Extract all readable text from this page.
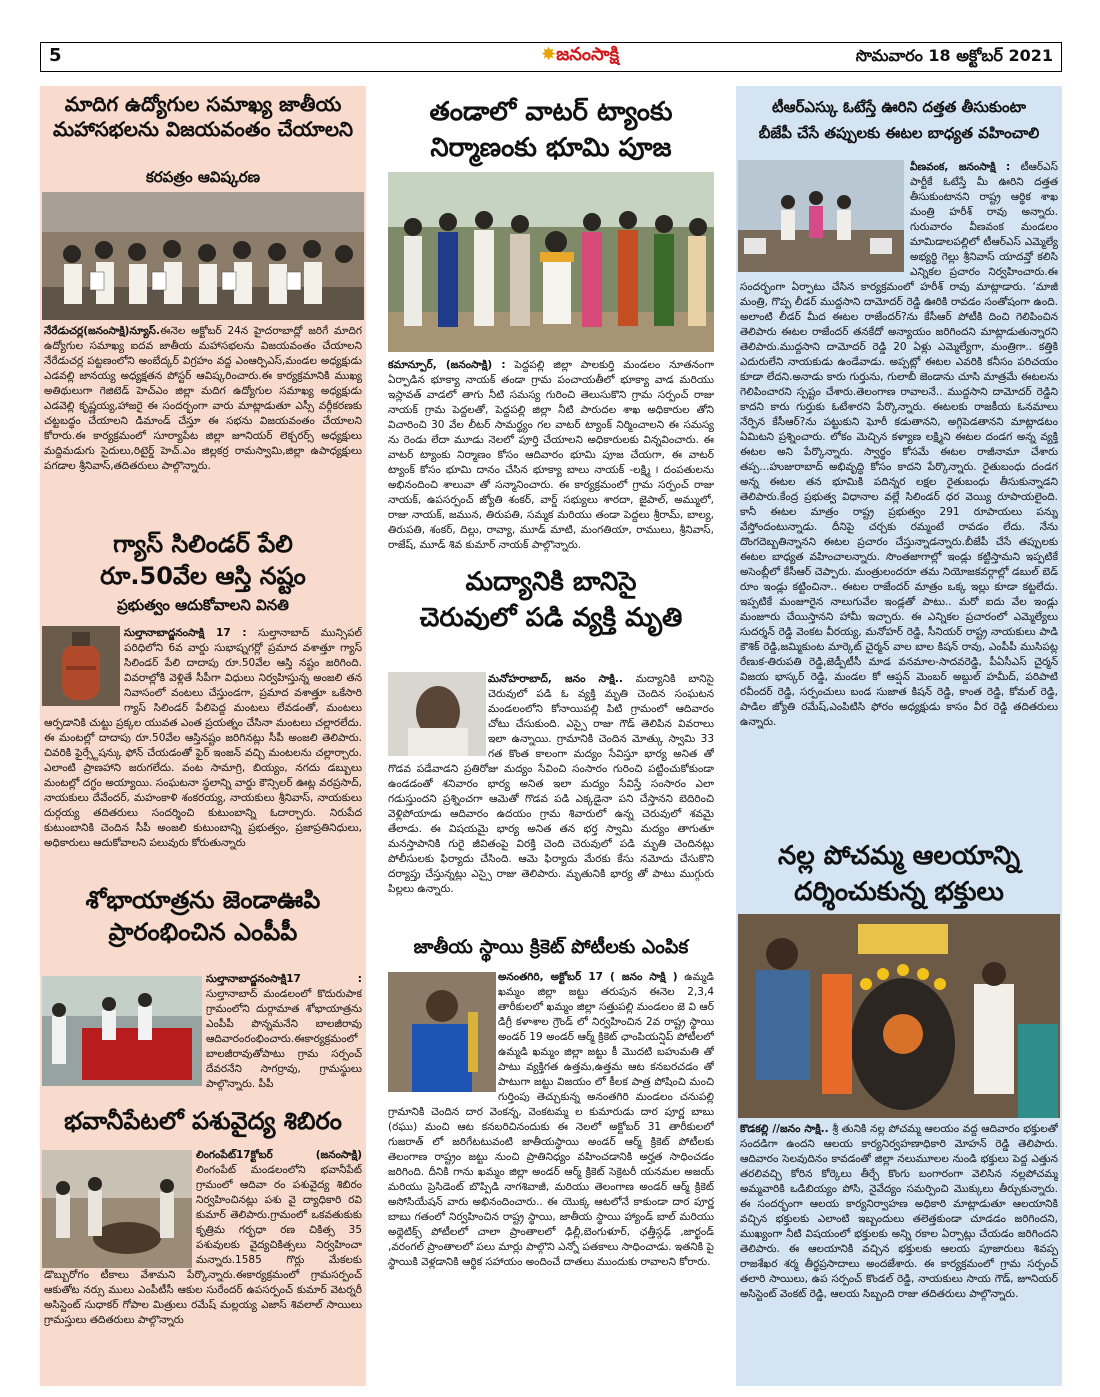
5	✸జనంసాక్షి	సొమవారం 18 అక్టోబర్ 2021
మాదిగ ఉద్యోగుల సమాఖ్య జాతీయ
మహాసభలను విజయవంతం చేయాలని
కరపత్రం ఆవిష్కరణ
నేరేడుచర్ల(జనంసాక్షి)న్యూస్.ఈనెల అక్టోబర్ 24న హైదరాబాద్లో జరిగే మాదిగ ఉద్యోగుల సమాఖ్య ఐదవ జాతీయ మహాసభలను విజయవంతం చేయాలని నేరేడుచర్ల పట్టణంలోని అంబేద్కర్ విగ్రహం వద్ద ఎంఆర్పిఎస్,మండల అధ్యక్షుడు ఎడవల్లి జానయ్య అధ్యక్షతన పోస్టర్ ఆవిష్కరించారు.ఈ కార్యక్రమానికి ముఖ్య అతిథులుగా గెజిటెడ్ హెచ్ఎం జిల్లా మదిగ ఉద్యోగుల సమాఖ్య అధ్యక్షుడు ఎడవెల్లి కృష్ణయ్య,హాజరై ఈ సందర్భంగా వారు మాట్లాడుతూ ఎస్సీ వర్గీకరణకు చట్టబద్ధం చేయాలని డిమాండ్ చేస్తూ ఈ సభను విజయవంతం చేయాలని కోరారు.ఈ కార్యక్రమంలో సూర్యాపేట జిల్లా జూనియర్ లెక్చరర్స్ అధ్యక్షులు మద్దిమడుగు సైదులు,రిటైర్డ్ హెచ్.ఎం జిల్లకర్ర రామస్వామి,జిల్లా ఉపాధ్యక్షులు పగడాల శ్రీనివాస్,తదితరులు పాల్గొన్నారు.
గ్యాస్ సిలిండర్ పేలి
రూ.50వేల ఆస్తి నష్టం
ప్రభుత్వం ఆదుకోవాలని వినతి
సుల్తానాబాద్జనంసాక్షి 17 : సుల్తానాబాద్ మున్సిపల్ పరిధిలోని 6వ వార్డు సుభాష్నగర్లో ప్రమాద వశాత్తూ గ్యాస్ సిలిండర్ పేలి దాదాపు రూ.50వేల ఆస్తి నష్టం జరిగింది. వివరాల్లోకి వెళ్లితే సీపీగా విధులు నిర్వహిస్తున్న అంజలి తన నివాసంలో వంటలు చేస్తుండగా, ప్రమాద వశాత్తూ ఒకేసారి గ్యాస్ సిలిండర్ పేలిపెద్ద మంటలు లేవడంతో, మంటలు ఆర్పడానికి చుట్టు ప్రక్కల యువత ఎంత ప్రయత్నం చేసినా మంటలు చల్లారలేదు. ఈ మంటల్లో దాదాపు రూ.50వేల ఆస్తినష్టం జరిగినట్లు సీపీ అంజలి తెలిపారు. చివరికి ఫైర్స్టేషన్కు ఫోన్ చేయడంతో ఫైర్ ఇంజన్ వచ్చి మంటలను చల్లార్చారు. ఎలాంటి ప్రాణహాని జరుగలేదు. వంట సామాగ్రి, బియ్యం, నగదు డబ్బులు మంటల్లో దగ్ధం అయ్యాయి. సంఘటనా స్థలాన్ని వార్డు కౌన్సిలర్ ఊట్ల వరప్రసాద్, నాయకులు దేవేందర్, మహంకాళి శంకరయ్య, నాయకులు శ్రీనివాస్, నాయకులు దుర్గయ్య తదితరులు సందర్శించి కుటుంబాన్ని ఓదార్చారు. నిరుపేద కుటుంబానికి చెందిన సీపీ అంజలి కుటుంబాన్ని ప్రభుత్వం, ప్రజాప్రతినిధులు, అధికారులు ఆదుకోవాలని పలువురు కోరుతున్నారు
శోభాయాత్రను జెండాఊపి
ప్రారంభించిన ఎంపీపీ
సుల్తానాబాద్జనంసాక్షి17 : సుల్తానాబాద్ మండలంలో కొదురుపాక గ్రామంలోని దుర్గామాత శోభాయాత్రను ఎంపీపీ పొన్నమనేని బాలజీరావు ఆదివారంరంభించారు.ఈకార్యక్రమంలో బాలజీరావుతోపాటు గ్రామ సర్పంచ్ దేవరనేని సాగర్రావు, గ్రామస్థులు పాల్గొన్నారు. పీపీ
భవానీపేటలో పశువైద్య శిబిరం
లింగంపేట్17క్టోబర్ (జనంసాక్షి) లింగంపేట్ మండలంలోని భవానీపేట్ గ్రామంలో ఆదివా రం పశువైద్య శిబిరం నిర్వహించినట్లు పశు వై ద్యాధికారి రవి కుమార్ తెలిపారు.గ్రామంలో ఒకవతుకుకు కృత్రిమ గర్భధా రణ చికిత్స 35 పశువులకు వైద్యచికిత్సలు నిర్వహించా మన్నారు.1585 గొర్లు మేకలకు డొబ్బురోగం టీకాలు వేశామని పేర్కొన్నారు.ఈకార్యక్రమంలో గ్రామసర్పంచ్ ఆకుతోట నర్సు ములు ఎంపీటీసీ ఆకుల సురేందర్ ఉపసర్పంచ్ కుమార్ వెటర్నరీ అసిస్టెంట్ సుధాకర్ గోపాల మిత్రులు రమేష్ మల్లయ్య ఎజాస్ శివలాల్ సాయిలు గ్రామస్తులు తదితరులు పాల్గొన్నారు
తండాలో వాటర్ ట్యాంకు
నిర్మాణంకు భూమి పూజ
కమాన్పూర్, (జనంసాక్షి) : పెద్దపల్లి జిల్లా పాలకుర్తి మండలం నూతనంగా ఏర్పాడిన భూక్యా నాయక్ తండా గ్రామ పంచాయతీలో భూక్యా వాడ మరియు ఇస్లావత్ వాడలో తాగు నీటి సమస్య గురించి తెలుసుకొని గ్రామ సర్పంచ్ రాజు నాయక్ గ్రామ పెద్దలతో, పెద్దపల్లి జిల్లా నీటి పారుదల శాఖ అధికారుల తోని విచారించి 30 వేల లీటర్ సామర్థ్యం గల వాటర్ ట్యాంక్ నిర్మించాలని ఈ సమస్య ను రెండు లేదా మూడు నెలలో పూర్తి చేయాలని అధికారులకు విన్నవించారు. ఈ వాటర్ ట్యాంకు నిర్మాణం కోసం ఆదివారం భూమి పూజ చేయగా, ఈ వాటర్ ట్యాంక్ కోసం భూమి దానం చేసిన భూక్యా బాలు నాయక్ -లక్ష్మి ౹ దంపతులను అభినందించి శాలువా తో సన్మానించారు. ఈ కార్యక్రమంలో గ్రామ సర్పంచ్ రాజు నాయక్, ఉపసర్పంచ్ జ్యోతి శంకర్, వార్డ్ సభ్యులు శారదా, జైపాల్, అమ్ములో, రాజు నాయక్, జమున, తిరుపతి, సమ్మక మరియు తండా పెద్దలు శ్రీరామ్, బాల్య, తిరుపతి, శంకర్, దిల్లు, రావ్యా, మూడ్ మాటి, మంగతియా, రాములు, శ్రీనివాస్, రాజేష్, మూడ్ శివ కుమార్ నాయక్ పాల్గొన్నారు.
మద్యానికి బానిసై
చెరువులో పడి వ్యక్తి మృతి
మనోహరాబాద్, జనం సాక్షి.. మద్యానికి బానిసై చెరువులో పడి ఓ వ్యక్తి మృతి చెందిన సంఘటన మండలంలోని కోనాయిపల్లి పిటి గ్రామంలో ఆదివారం చోటు చేసుకుంది. ఎస్సై రాజు గౌడ్ తెలిపిన వివరాలు ఇలా ఉన్నాయి. గ్రామానికి చెందిన మోత్కు స్వామి 33 గత కొంత కాలంగా మద్యం సేవిస్తూ భార్య అనిత తో గొడవ పడేవాడని ప్రతిరోజు మద్యం సేవించి సంసారం గురించి పట్టించుకోకుండా ఉండడంతో శనివారం భార్య అనిత ఇలా మద్యం సేవిస్తే సంసారం ఎలా గడుస్తుందని ప్రశ్నించగా ఆమెతో గొడవ పడి ఎక్కడైనా పని చేస్తానని బెదిరించి వెళ్లిపోయాడు ఆదివారం ఉదయం గ్రామ శివారులో ఉన్న చెరువులో శవమై తేలాడు. ఈ విషయమై భార్య అనిత తన భర్త స్వామి మద్యం తాగుతూ మనస్తాపానికి గురై జీవితంపై విరక్తి చెంది చెరువులో పడి మృతి చెందినట్లు పోలీసులకు ఫిర్యాదు చేసింది. ఆమె ఫిర్యాదు మేరకు కేసు నమోదు చేసుకొని దర్యాప్తు చేస్తున్నట్లు ఎస్సై రాజు తెలిపారు. మృతునికి భార్య తో పాటు ముగ్గురు పిల్లలు ఉన్నారు.
జాతీయ స్థాయి క్రికెట్ పోటీలకు ఎంపిక
అనంతగిరి, అక్టోబర్ 17 ( జనం సాక్షి ) ఉమ్మడి ఖమ్మం జిల్లా జట్టు తరుపున ఈనెల 2,3,4 తారీకులలో ఖమ్మం జిల్లా సత్తుపల్లి మండలం జె వి ఆర్ డిగ్రీ కళాశాల గ్రౌండ్ లో నిర్వహించిన 2వ రాష్ట్ర స్థాయి అండర్ 19 అండర్ ఆర్మ్ క్రికెట్ ఛాంపియన్షిప్ పోటీలలో ఉమ్మడి ఖమ్మం జిల్లా జట్టు కీ మొదటి బహుమతి తో పాటు వ్యక్తిగత ఉత్తమ,ఉత్తమ ఆట కనబరచడం తో పాటుగా జట్టు విజయం లో కీలక పాత్ర పోషించి మంచి గుర్తింపు తెచ్చుకున్న అనంతగిరి మండలం చనుపల్లి గ్రామానికి చెందిన దార వెంకన్న, వెంకటమ్మ ల కుమారుడు దార పూర్ణ బాబు (రఘు) మంచి ఆట కనబరిచినందుకు ఈ నెలలో అక్టోబర్ 31 తారీకులలో గుజరాత్ లో జరిగేటటువంటి జాతీయస్థాయి అండర్ ఆర్మ్ క్రికెట్ పోటీలకు తెలంగాణ రాష్ట్రం జట్టు నుంచి ప్రాతినిధ్యం వహించడానికి అర్హత సాధించడం జరిగింది. దీనికి గాను ఖమ్మం జిల్లా అండర్ ఆర్మ్ క్రికెట్ సెక్రెటరీ యనమల అజయ్ మరియు ప్రెసిడెంట్ బొప్పిడి నాగశివాజీ, మరియు తెలంగాణ అండర్ ఆర్మ్ క్రికెట్ అసోసియేషన్ వారు అభినందించారు.. ఈ యొక్క ఆటలోనే కాకుండా దార పూర్ణ బాబు గతంలో నిర్వహించిన రాష్ట్ర స్థాయి, జాతీయ స్థాయి హ్యాండ్ బాల్ మరియు అథ్లెటిక్స్ పోటీలలో చాలా ప్రాంతాలలో ఢిల్లీ,బెంగుళూర్, ఛత్తీస్గఢ్ ,జార్ఖండ్ ,వరంగల్ ప్రాంతాలలో పలు మార్లు పాల్గొని ఎన్నో పతకాలు సాధించాడు. ఇతనికి పై స్థాయికి వెళ్లడానికి ఆర్థిక సహాయం అందించే దాతలు ముందుకు రావాలని కోరారు.
టీఆర్ఎస్కు ఓటేస్తే ఊరిని దత్తత తీసుకుంటా
బీజేపీ చేసే తప్పులకు ఈటల బాధ్యత వహించాలి
వీణవంక, జనంసాక్షి : టీఆర్ఎస్ పార్టీకే ఓటేస్తే మీ ఊరిని దత్తత తీసుకుంటానని రాష్ట్ర ఆర్థిక శాఖ మంత్రి హరీశ్ రావు అన్నారు. గురువారం వీణవంక మండలం మామిడాలపల్లిలో టీఆర్ఎస్ ఎమ్మెల్యే అభ్యర్థి గెల్లు శ్రీనివాస్ యాదవ్తో కలిసి ఎన్నికల ప్రచారం నిర్వహించారు.ఈ సందర్భంగా ఏర్పాటు చేసిన కార్యక్రమంలో హరీశ్ రావు మాట్లాడారు. ‘మాజీ మంత్రి, గొప్ప లీడర్ ముద్దసాని దామోదర్ రెడ్డి ఊరికి రావడం సంతోషంగా ఉంది. అలాంటి లీడర్ మీద ఈటల రాజేందర్?ను కేసీఆర్ పోటీకి దించి గెలిపించిన తెలిపారు ఈటల రాజేందర్ తనకేదో అన్యాయం జరిగిందని మాట్లాడుతున్నారని తెలిపారు.ముద్దసాని దామోదర్ రెడ్డి 20 ఏళ్లు ఎమ్మెల్యేగా, మంత్రిగా.. కత్తికి ఎదురులేని నాయకుడు ఉండేవాడు. అప్పట్లో ఈటల ఎవరికి కనీసం పరిచయం కూడా లేదని.అనాడు కారు గుర్తును, గులాబీ జెండాను చూసి మాత్రమే ఈటలను గెలిపించారని స్పష్టం చేశారు.తెలంగాణ రావాలనే.. ముద్దసాని దామోదర్ రెడ్డిని కాదని కారు గుర్తుకు ఓటేశారని పేర్కొన్నారు. ఈటలకు రాజకీయ ఓనమాలు నేర్పిన కేసీఆర్?ను పట్టుకుని ఘోరీ కడుతానని, అగ్గిపెడతానని మాట్లాడటం ఏమిటని ప్రశ్నించారు. లోకం మెచ్చిన కళ్యాణ లక్ష్మిని ఈటల దండగ అన్న వ్యక్తి ఈటల అని పేర్కొన్నారు. స్వార్థం కోసమే ఈటల రాజీనామా చేశారు తప్ప...హుజురాబాద్ అభివృద్ధి కోసం కాదని పేర్కొన్నారు. రైతుబంధు దండగ అన్న ఈటల తన భూమికి పదిన్నర లక్షల రైతుబంధు తీసుకున్నాడని తెలిపారు.కేంద్ర ప్రభుత్వ విధానాల వల్లే సిలిండర్ ధర వెయ్యి రూపాయలైంది. కానీ ఈటల మాత్రం రాష్ట్ర ప్రభుత్వం 291 రూపాయలు పన్ను వేస్తోందంటున్నాడు. దీనిపై చర్చకు రమ్మంటే రావడం లేదు. నేను దొంగదెబ్బతిన్నానని ఈటల ప్రచారం చేస్తున్నాడన్నారు.బీజేపీ చేసే తప్పులకు ఈటల బాధ్యత వహించాలన్నారు. సొంతజాగాల్లో ఇండ్లు కట్టిస్తామని ఇప్పటికే అసెంబ్లీలో కేసీఆర్ చెప్పారు. మంత్రులందరూ తమ నియోజకవర్గాల్లో డబుల్ బెడ్ రూం ఇండ్లు కట్టించినా.. ఈటల రాజేందర్ మాత్రం ఒక్క ఇల్లు కూడా కట్టలేదు. ఇప్పటికే మంజూరైన నాలుగువేల ఇండ్లతో పాటు.. మరో ఐదు వేల ఇండ్లు మంజూరు చేయిస్తానని హామీ ఇచ్చారు. ఈ ఎన్నికల ప్రచారంలో ఎమ్మెల్యేలు సుదర్శన్ రెడ్డి వెంకట వీరయ్య, మనోహర్ రెడ్డి, సీనియర్ రాష్ట్ర నాయకులు పాడి కౌశిక్ రెడ్డి,జమ్మికుంట మార్కెట్ చైర్మన్ వాల బాల కిషన్ రావు, ఎంపీపీ ముసిపట్ల రేణుక-తిరుపతి రెడ్డి,జెడ్పీటీసీ మాడ వనమాల-సాదవరెడ్డి, పీఏసీఎస్ చైర్మన్ విజయ భాస్కర్ రెడ్డి, మండల కో ఆప్షన్ మెంబర్ అబ్దుల్ హమీద్, పరిపాటి రవీందర్ రెడ్డి, సర్పంచులు బండ సుజాత కిషన్ రెడ్డి, కాంత రెడ్డి, కోమల్ రెడ్డి, పాడిల జ్యోతి రమేష్,ఎంపిటిసి ఫోరం అధ్యక్షుడు కాసం వీర రెడ్డి తదితరులు ఉన్నారు.
నల్ల పోచమ్మ ఆలయాన్ని
దర్శించుకున్న భక్తులు
కొడకల్లి //జనం సాక్షి.. శ్రీ తునికి నల్ల పోచమ్మ ఆలయం వద్ద ఆదివారం భక్తులతో సందడిగా ఉందని ఆలయ కార్యనిర్వహణాధికారి మోహన్ రెడ్డి తెలిపారు. ఆదివారం సెలవుదినం కావడంతో జిల్లా నలుమూలల నుండి భక్తులు పెద్ద ఎత్తున తరలివచ్చి కోరిన కోర్కెలు తీర్చే కొంగు బంగారంగా వెలిసిన నల్లపోచమ్మ అమ్మవారికి ఒడిబియ్యం పోసి, నైవేద్యం సమర్పించి మొక్కులు తీర్చుకున్నారు. ఈ సందర్భంగా ఆలయ కార్యనిర్వాహణ అధికారి మాట్లాడుతూ ఆలయానికి వచ్చిన భక్తులకు ఎలాంటి ఇబ్బందులు తలెత్తకుండా చూడడం జరిగిందని, ముఖ్యంగా నీటి విషయంలో భక్తులకు అన్ని రకాల ఏర్పాట్లు చేయడం జరిగిందని తెలిపారు. ఈ ఆలయానికి వచ్చిన భక్తులకు ఆలయ పూజారులు శివప్ప రాజశేఖర శర్మ తీర్థప్రసాదాలు అందజేశారు. ఈ కార్యక్రమంలో గ్రామ సర్పంచ్ తలారి సాయిలు, ఉప సర్పంచ్ కొండల్ రెడ్డి, నాయకులు సాయ గౌడ్, జూనియర్ అసిస్టెంట్ వెంకట్ రెడ్డి, ఆలయ సిబ్బంది రాజు తదితరులు పాల్గొన్నారు.
